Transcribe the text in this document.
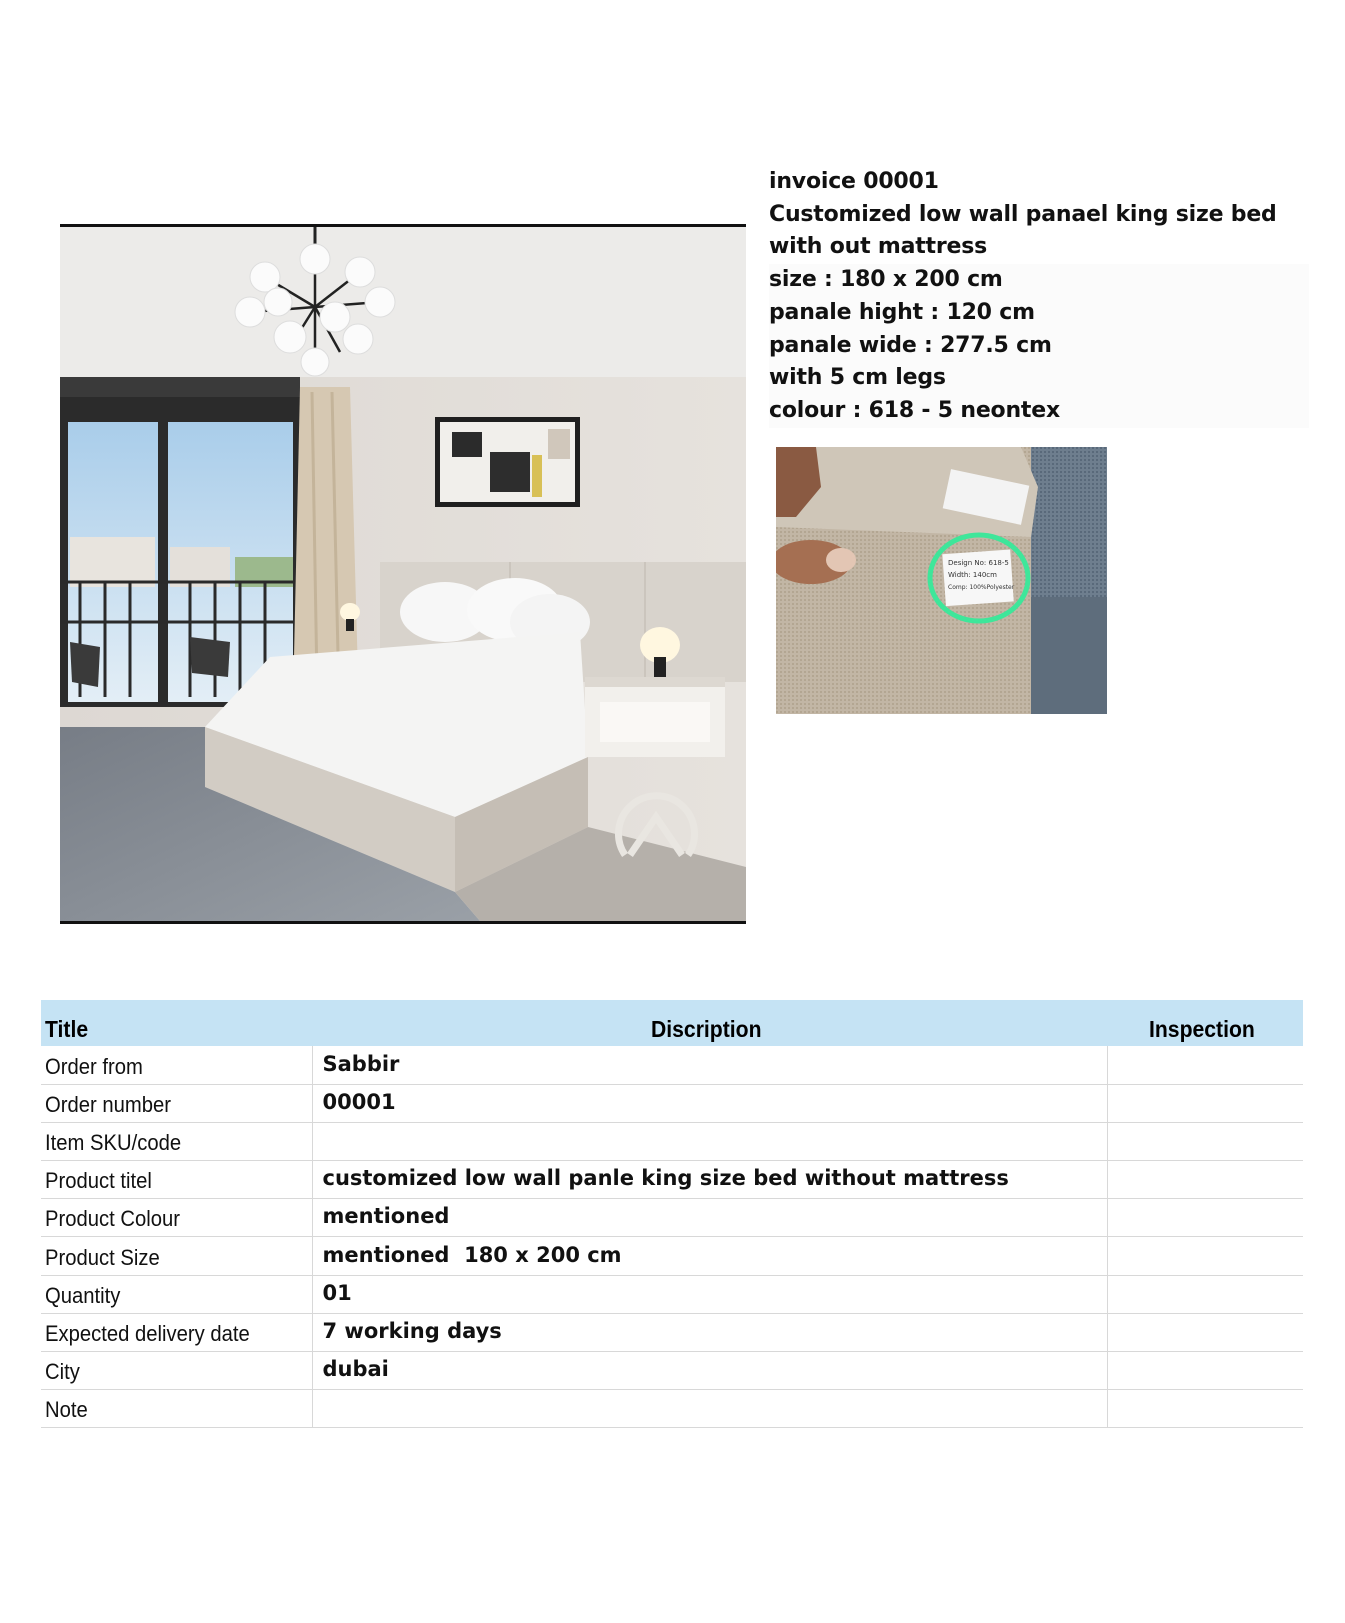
invoice 00001
Customized low wall panael king size bed with out mattress
size : 180 x 200 cm
panale hight : 120 cm
panale wide : 277.5 cm
with 5 cm legs
colour : 618 - 5 neontex
Design No: 618-5
Width: 140cm
Comp: 100%Polyester
Title	Discription	Inspection
Order from	Sabbir	
Order number	00001	
Item SKU/code		
Product titel	customized low wall panle king size bed without mattress	
Product Colour	mentioned	
Product Size	mentioned  180 x 200 cm	
Quantity	01	
Expected delivery date	7 working days	
City	dubai	
Note		
